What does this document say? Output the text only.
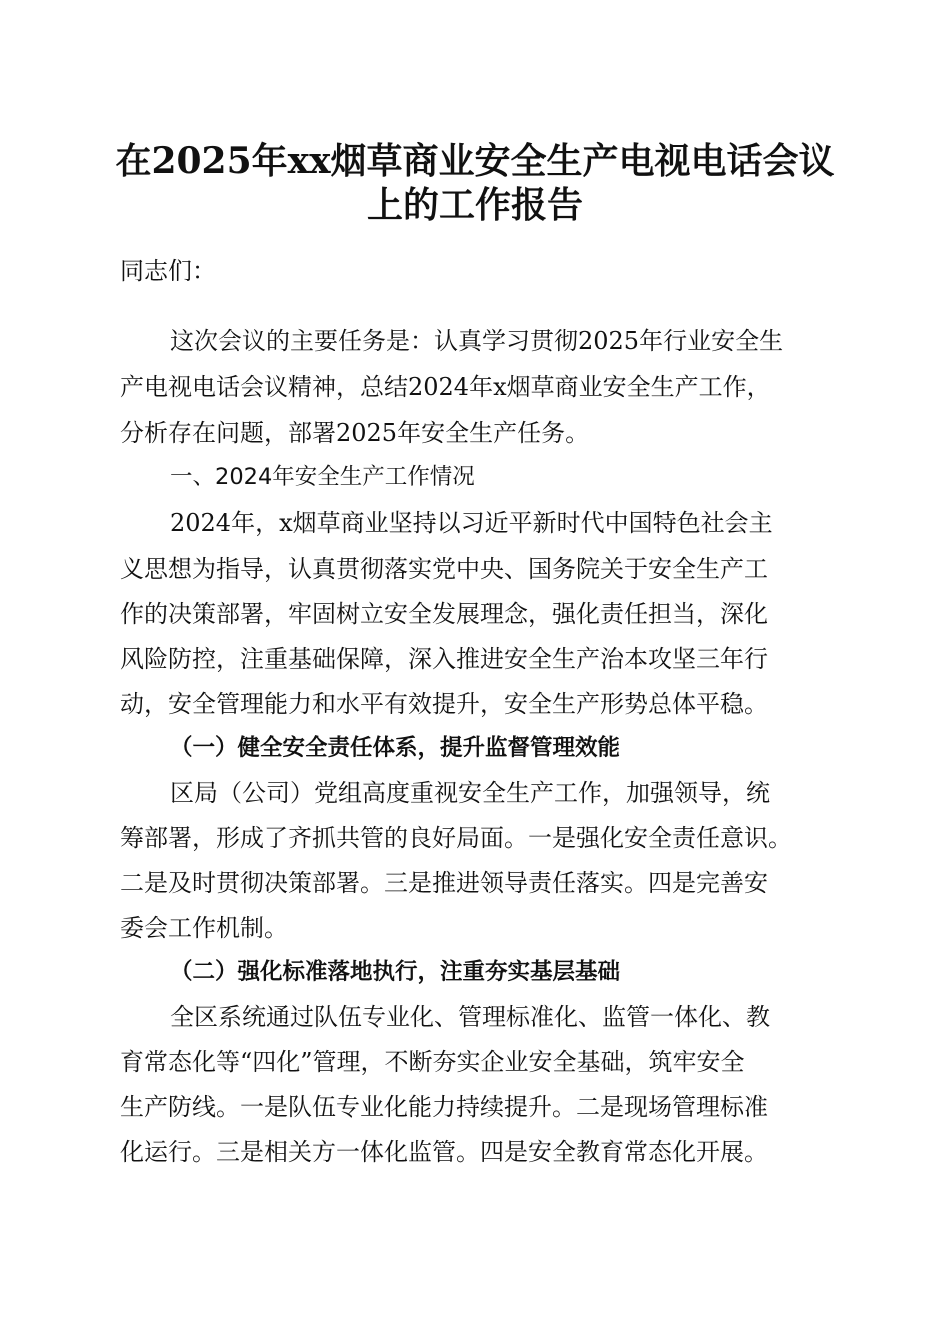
在2025年xx烟草商业安全生产电视电话会议
上的工作报告
同志们：
这次会议的主要任务是：认真学习贯彻2025年行业安全生
产电视电话会议精神，总结2024年x烟草商业安全生产工作，
分析存在问题，部署2025年安全生产任务。
一、2024年安全生产工作情况
2024年，x烟草商业坚持以习近平新时代中国特色社会主
义思想为指导，认真贯彻落实党中央、国务院关于安全生产工
作的决策部署，牢固树立安全发展理念，强化责任担当，深化
风险防控，注重基础保障，深入推进安全生产治本攻坚三年行
动，安全管理能力和水平有效提升，安全生产形势总体平稳。
（一）健全安全责任体系，提升监督管理效能
区局（公司）党组高度重视安全生产工作，加强领导，统
筹部署，形成了齐抓共管的良好局面。一是强化安全责任意识。
二是及时贯彻决策部署。三是推进领导责任落实。四是完善安
委会工作机制。
（二）强化标准落地执行，注重夯实基层基础
全区系统通过队伍专业化、管理标准化、监管一体化、教
育常态化等“四化”管理，不断夯实企业安全基础，筑牢安全
生产防线。一是队伍专业化能力持续提升。二是现场管理标准
化运行。三是相关方一体化监管。四是安全教育常态化开展。
